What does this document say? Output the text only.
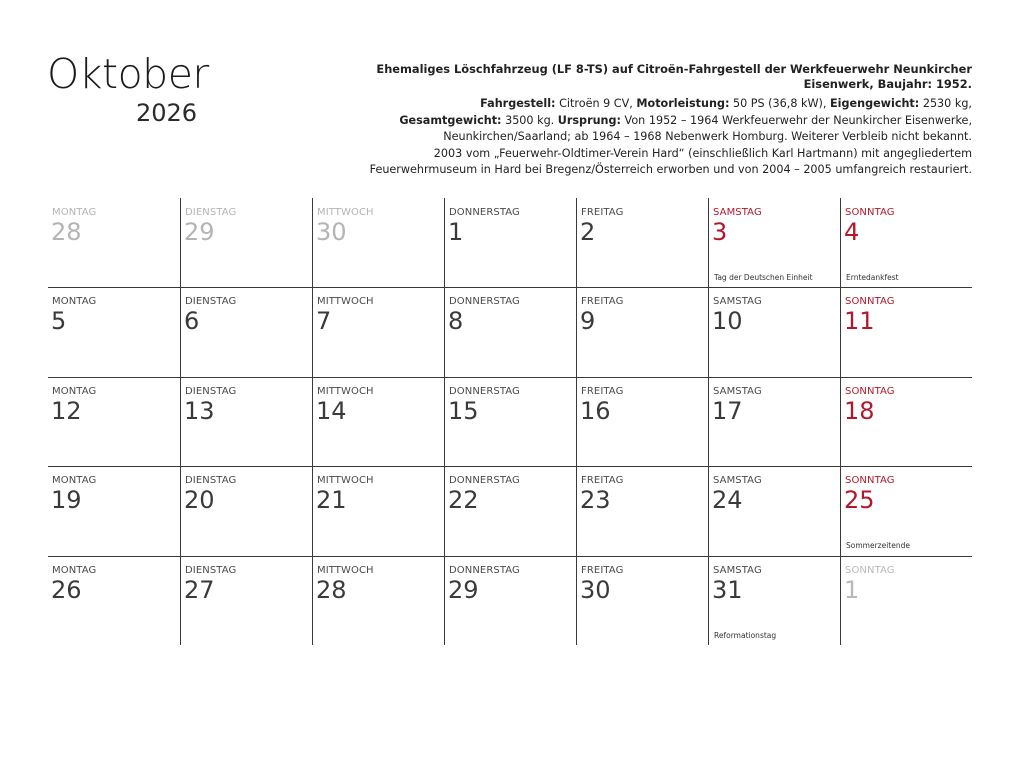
Oktober
2026
Ehemaliges Löschfahrzeug (LF 8-TS) auf Citroën-Fahrgestell der Werkfeuerwehr Neunkircher Eisenwerk, Baujahr: 1952.
Fahrgestell: Citroën 9 CV, Motorleistung: 50 PS (36,8 kW), Eigengewicht: 2530 kg,
Gesamtgewicht: 3500 kg. Ursprung: Von 1952 – 1964 Werkfeuerwehr der Neunkircher Eisenwerke,
Neunkirchen/Saarland; ab 1964 – 1968 Nebenwerk Homburg. Weiterer Verbleib nicht bekannt.
2003 vom „Feuerwehr-Oldtimer-Verein Hard“ (einschließlich Karl Hartmann) mit angegliedertem
Feuerwehrmuseum in Hard bei Bregenz/Österreich erworben und von 2004 – 2005 umfangreich restauriert.
MONTAG
28
DIENSTAG
29
MITTWOCH
30
DONNERSTAG
1
FREITAG
2
SAMSTAG
3
Tag der Deutschen Einheit
SONNTAG
4
Erntedankfest
MONTAG
5
DIENSTAG
6
MITTWOCH
7
DONNERSTAG
8
FREITAG
9
SAMSTAG
10
SONNTAG
11
MONTAG
12
DIENSTAG
13
MITTWOCH
14
DONNERSTAG
15
FREITAG
16
SAMSTAG
17
SONNTAG
18
MONTAG
19
DIENSTAG
20
MITTWOCH
21
DONNERSTAG
22
FREITAG
23
SAMSTAG
24
SONNTAG
25
Sommerzeitende
MONTAG
26
DIENSTAG
27
MITTWOCH
28
DONNERSTAG
29
FREITAG
30
SAMSTAG
31
Reformationstag
SONNTAG
1
